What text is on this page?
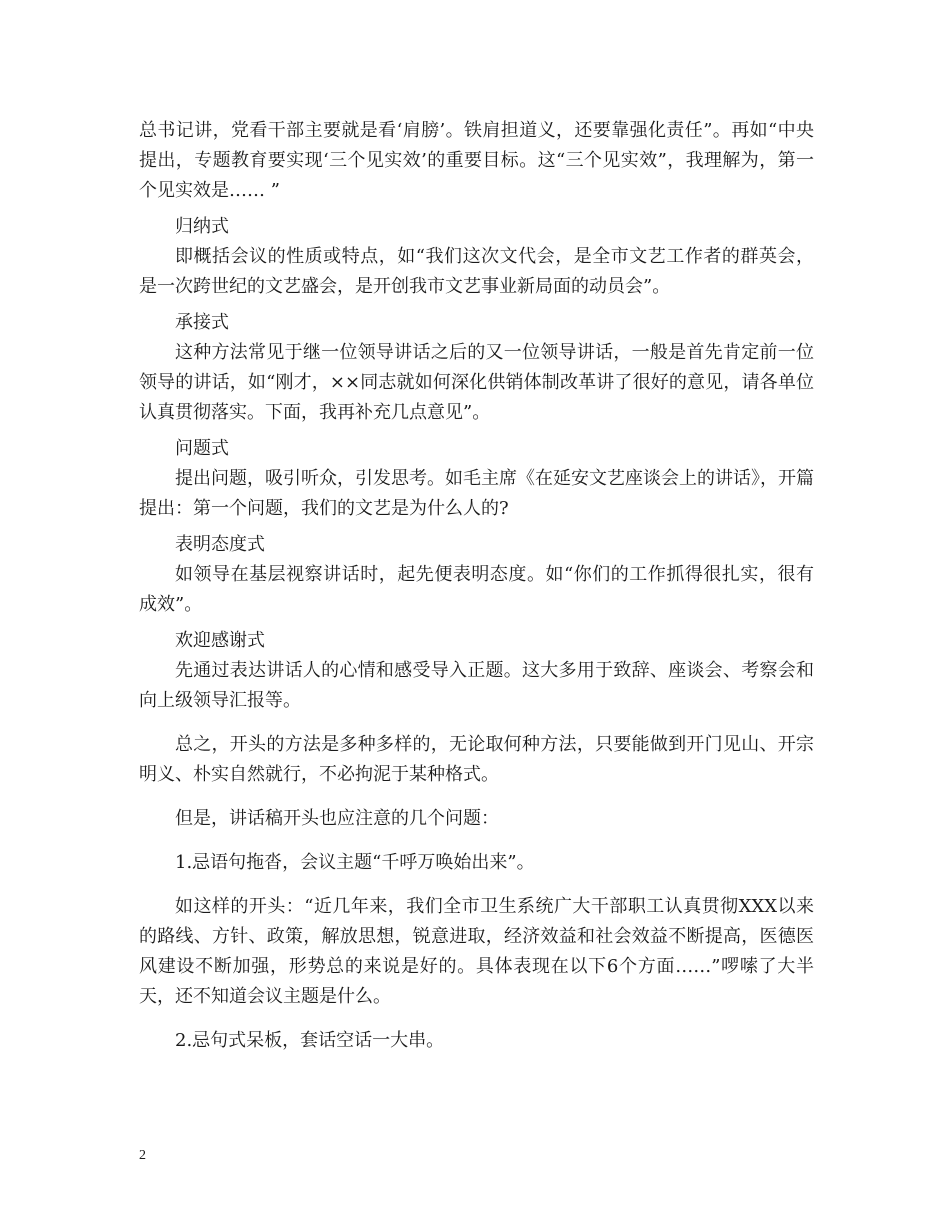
总书记讲，党看干部主要就是看‘肩膀’。铁肩担道义，还要靠强化责任”。再如“中央提出，专题教育要实现‘三个见实效’的重要目标。这“三个见实效”，我理解为，第一个见实效是…… ”

归纳式

即概括会议的性质或特点，如“我们这次文代会，是全市文艺工作者的群英会，是一次跨世纪的文艺盛会，是开创我市文艺事业新局面的动员会”。

承接式

这种方法常见于继一位领导讲话之后的又一位领导讲话，一般是首先肯定前一位领导的讲话，如“刚才，××同志就如何深化供销体制改革讲了很好的意见，请各单位认真贯彻落实。下面，我再补充几点意见”。

问题式

提出问题，吸引听众，引发思考。如毛主席《在延安文艺座谈会上的讲话》，开篇提出：第一个问题，我们的文艺是为什么人的?

表明态度式

如领导在基层视察讲话时，起先便表明态度。如“你们的工作抓得很扎实，很有成效”。

欢迎感谢式

先通过表达讲话人的心情和感受导入正题。这大多用于致辞、座谈会、考察会和向上级领导汇报等。

总之，开头的方法是多种多样的，无论取何种方法，只要能做到开门见山、开宗明义、朴实自然就行，不必拘泥于某种格式。

但是，讲话稿开头也应注意的几个问题：

1.忌语句拖沓，会议主题“千呼万唤始出来”。

如这样的开头：“近几年来，我们全市卫生系统广大干部职工认真贯彻XXX以来的路线、方针、政策，解放思想，锐意进取，经济效益和社会效益不断提高，医德医风建设不断加强，形势总的来说是好的。具体表现在以下6个方面……”啰嗦了大半天，还不知道会议主题是什么。

2.忌句式呆板，套话空话一大串。

2
